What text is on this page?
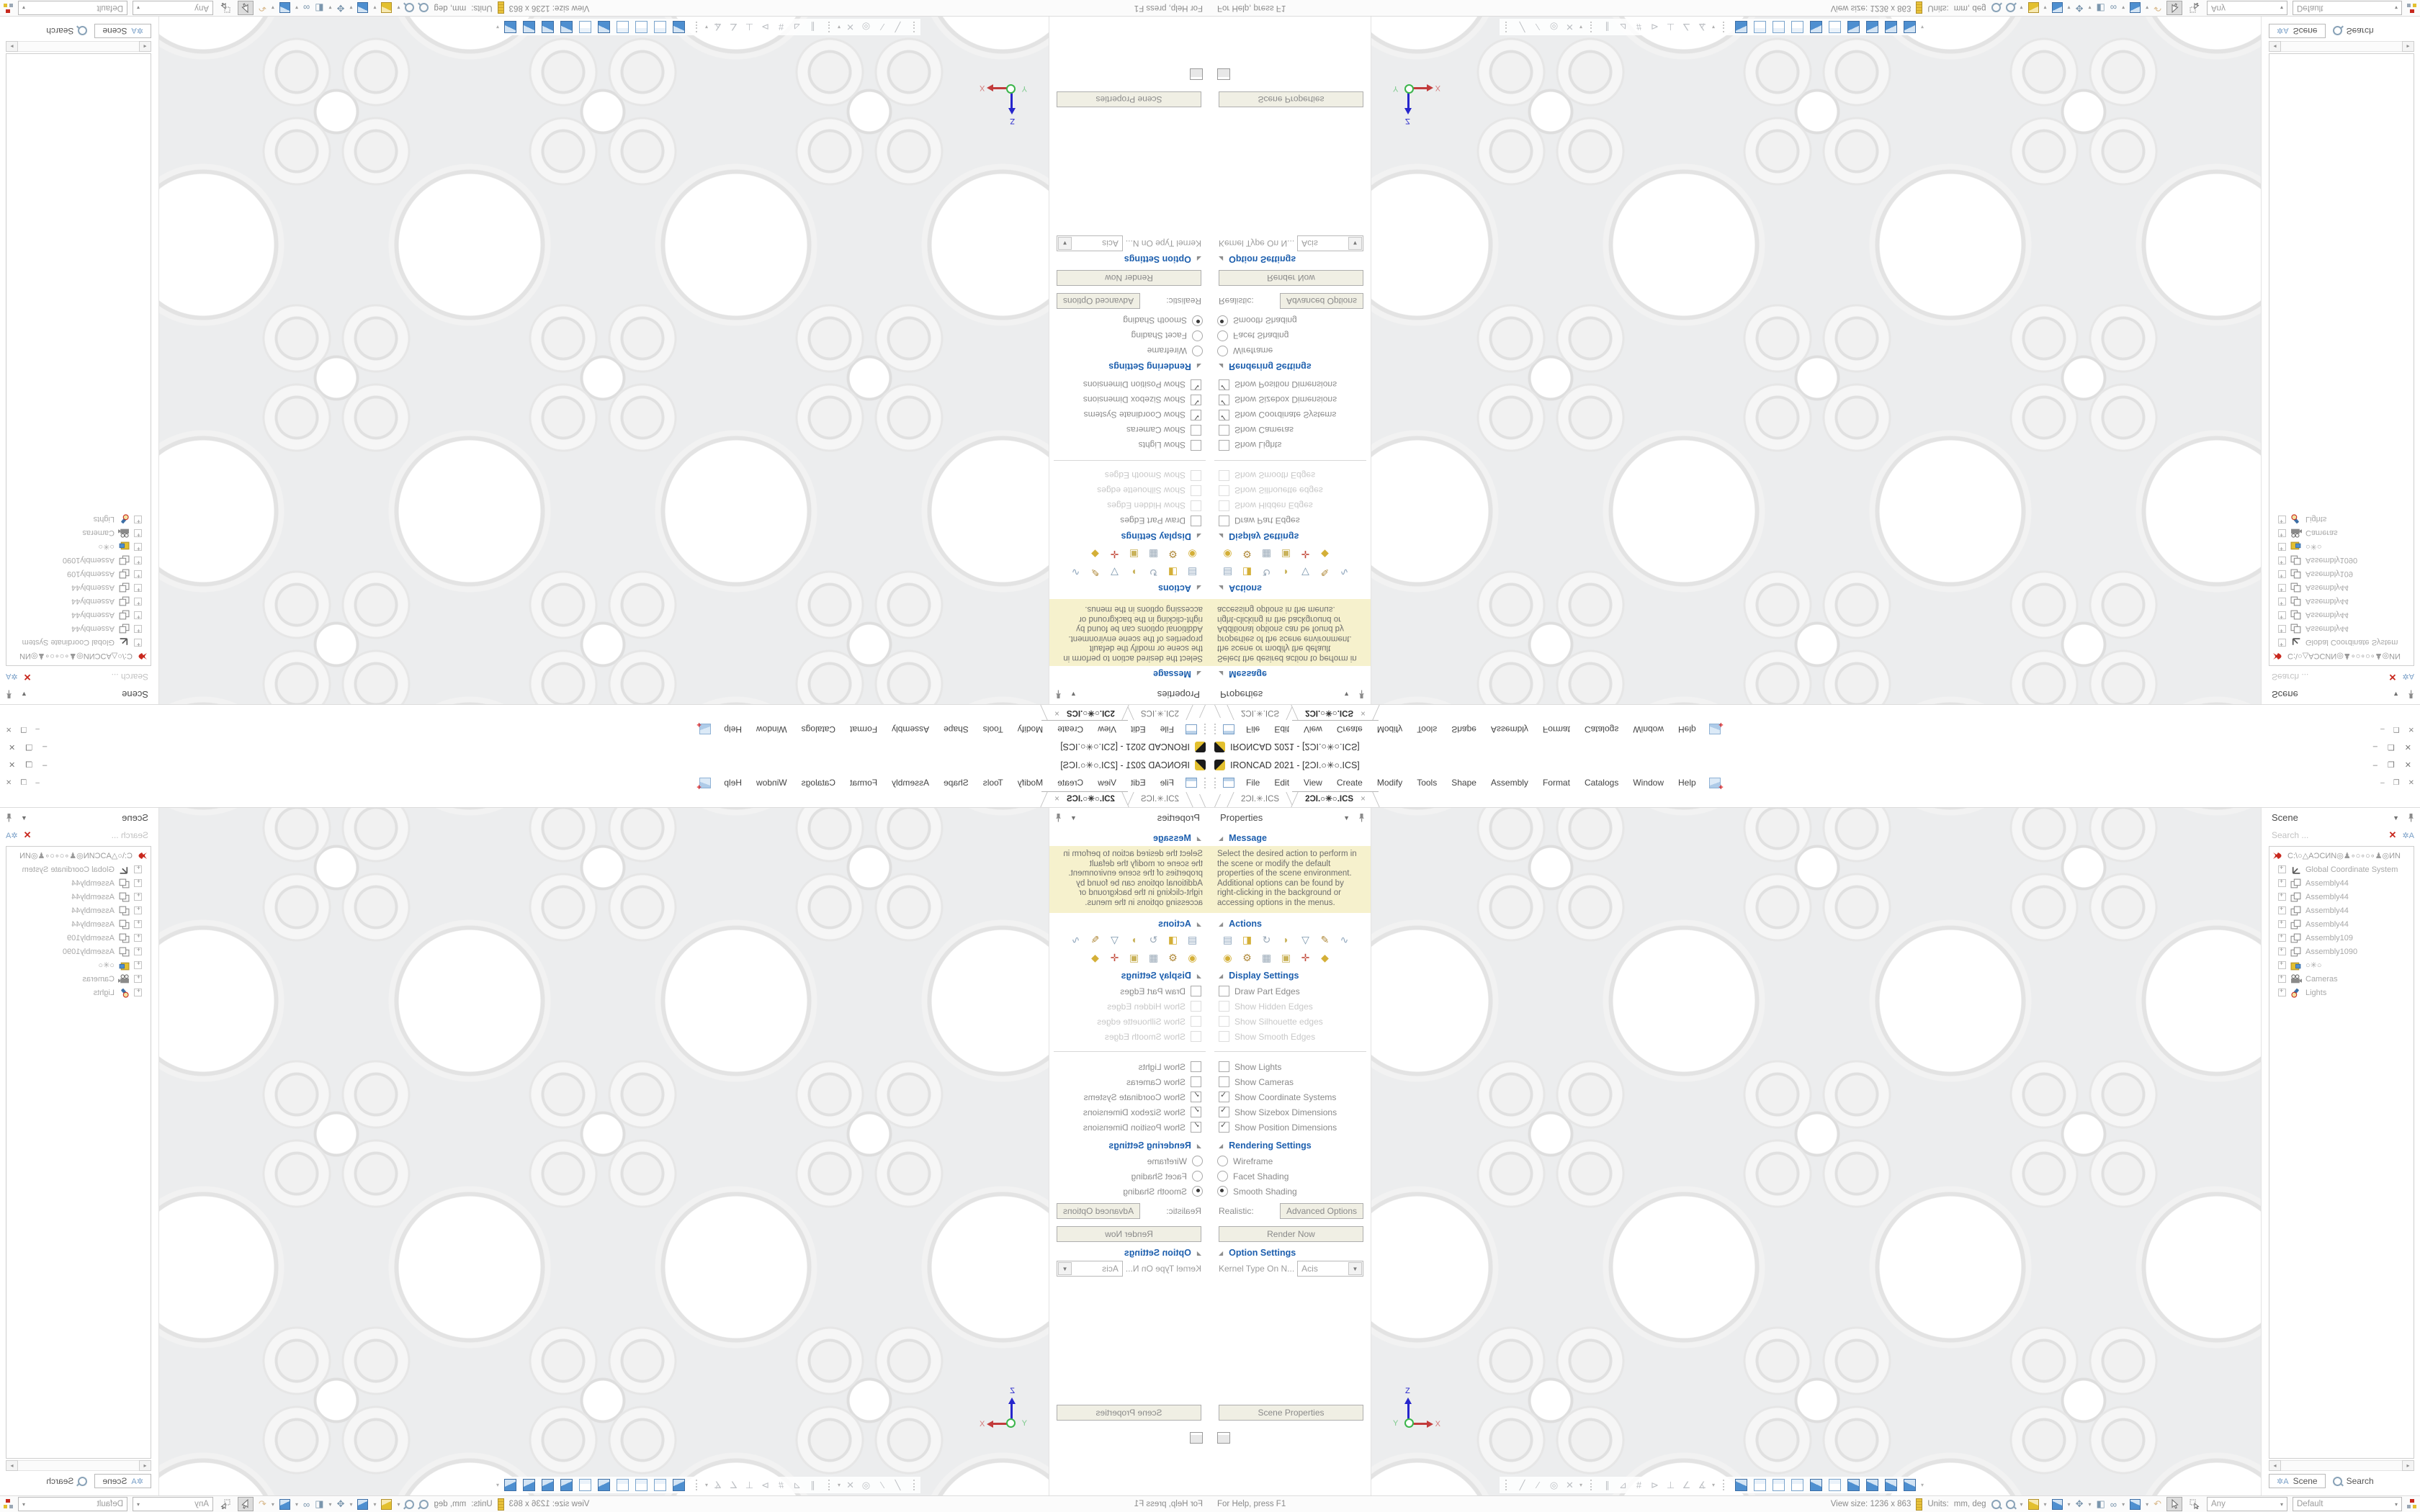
IRONCAD 2021 - [2ƆI.○✳○.ICS]
–
❐
✕
File
Edit
View
Create
Modify
Tools
Shape
Assembly
Format
Catalogs
Window
Help
+
–
❐
✕
2ƆI.✳.ICS
2ƆI.○✳○.ICS×
Properties
▼
◢
Message
Select the desired action to perform in the scene or modify the default properties of the scene environment. Additional options can be found by right-clicking in the background or accessing options in the menus.
◢
Actions
▤
◨
↻
◗
▽
✎
∿
◉
⚙
▦
▣
✛
◆
◢
Display Settings
Draw Part Edges
Show Hidden Edges
Show Silhouette edges
Show Smooth Edges
Show Lights
Show Cameras
✓
Show Coordinate Systems
✓
Show Sizebox Dimensions
✓
Show Position Dimensions
◢
Rendering Settings
Wireframe
Facet Shading
Smooth Shading
Realistic:
Advanced Options
Render Now
◢
Option Settings
Kernel Type On N...
Acis
▼
Scene Properties
Z
X	Y
╱
∕
◎
✕
▾
∥
⊿
#
⊳
⊥
∠
∡
▾
▾
Scene
▼
Search ...
✕
✲A
C:\○△AƆCИN◎♟∘○∘○∘♟◎ИN
+
Global Coordinate System
+
Assembly44
+
Assembly44
+
Assembly44
+
Assembly44
+
Assembly109
+
Assembly1090
+
○✳○
+
Cameras
+
Lights
◂
▸
✲A
Scene
Search
For Help, press F1
View size: 1236 x 863
Units:
mm, deg
▾
▾
▾
✥
▾
◧
∞
▾
▾
↶
Any
▾
Default
▾
IRONCAD 2021 - [2ƆI.○✳○.ICS]	– ❐ ✕
File	Edit	View	Create	Modify	Tools	Shape	Assembly	Format	Catalogs	Window	Help +	– ❐ ✕
2ƆI.✳.ICS	2ƆI.○✳○.ICS ×
Properties	▼
◢ Message
Select the desired action to perform in the scene or modify the default properties of the scene environment. Additional options can be found by right-clicking in the background or accessing options in the menus.
◢ Actions
▤ ◨	↻	◗	▽	✎	∿
◉	⚙	▦ ▣	✛	◆
◢ Display Settings
Draw Part Edges
Show Hidden Edges
Show Silhouette edges
Show Smooth Edges
Show Lights
Show Cameras
✓
Show Coordinate Systems
✓
Show Sizebox Dimensions
✓
Show Position Dimensions
◢ Rendering Settings
Wireframe
Facet Shading
Smooth Shading
Realistic:	Advanced Options
Render Now
◢ Option Settings
Kernel Type On N... Acis	▼
Scene Properties
Z
X
Y
╱	∕	◎ ✕	▾	∥	⊿ # ⊳ ⊥ ∠ ∡ ▾	▾
Scene	▼
Search ...	✕ ✲A
C:\○△AƆCИN◎♟∘○∘○∘♟◎ИN
+
Global Coordinate System
+
Assembly44
+
Assembly44
+
Assembly44
+
Assembly44
+
Assembly109
+
Assembly1090
+
○✳○
+
Cameras
+
Lights
◂	▸
✲A Scene	Search
For Help, press F1	View size: 1236 x 863 Units: mm, deg	▾	▾	▾ ✥ ▾ ◧ ∞ ▾	▾ ↶	Any	▾	Default	▾
IRONCAD 2021 - [2ƆI.○✳○.ICS]
–
❐
✕
File
Edit
View
Create
Modify
Tools
Shape
Assembly
Format
Catalogs
Window
Help
+
–
❐
✕
2ƆI.✳.ICS
2ƆI.○✳○.ICS×
Properties
▼
◢
Message
Select the desired action to perform in the scene or modify the default properties of the scene environment. Additional options can be found by right-clicking in the background or accessing options in the menus.
◢
Actions
▤
◨
↻
◗
▽
✎
∿
◉
⚙
▦
▣
✛
◆
◢
Display Settings
Draw Part Edges
Show Hidden Edges
Show Silhouette edges
Show Smooth Edges
Show Lights
Show Cameras
✓
Show Coordinate Systems
✓
Show Sizebox Dimensions
✓
Show Position Dimensions
◢
Rendering Settings
Wireframe
Facet Shading
Smooth Shading
Realistic:
Advanced Options
Render Now
◢
Option Settings
Kernel Type On N...
Acis
▼
Scene Properties
Z
X	Y
╱
∕
◎
✕
▾
∥
⊿
#
⊳
⊥
∠
∡
▾
▾
Scene
▼
Search ...
✕
✲A
C:\○△AƆCИN◎♟∘○∘○∘♟◎ИN
+
Global Coordinate System
+
Assembly44
+
Assembly44
+
Assembly44
+
Assembly44
+
Assembly109
+
Assembly1090
+
○✳○
+
Cameras
+
Lights
◂
▸
✲A
Scene
Search
For Help, press F1
View size: 1236 x 863
Units:
mm, deg
▾
▾
▾
✥
▾
◧
∞
▾
▾
↶
Any
▾
Default
▾
IRONCAD 2021 - [2ƆI.○✳○.ICS]	– ❐ ✕
File	Edit	View	Create	Modify	Tools	Shape	Assembly	Format	Catalogs	Window	Help +	– ❐ ✕
2ƆI.✳.ICS	2ƆI.○✳○.ICS ×
Properties	▼
◢ Message
Select the desired action to perform in the scene or modify the default properties of the scene environment. Additional options can be found by right-clicking in the background or accessing options in the menus.
◢ Actions
▤ ◨	↻	◗	▽	✎	∿
◉	⚙	▦ ▣	✛	◆
◢ Display Settings
Draw Part Edges
Show Hidden Edges
Show Silhouette edges
Show Smooth Edges
Show Lights
Show Cameras
✓
Show Coordinate Systems
✓
Show Sizebox Dimensions
✓
Show Position Dimensions
◢ Rendering Settings
Wireframe
Facet Shading
Smooth Shading
Realistic:	Advanced Options
Render Now
◢ Option Settings
Kernel Type On N... Acis	▼
Scene Properties
Z
X
Y
╱	∕	◎ ✕	▾	∥	⊿ # ⊳ ⊥ ∠ ∡ ▾	▾
Scene	▼
Search ...	✕ ✲A
C:\○△AƆCИN◎♟∘○∘○∘♟◎ИN
+
Global Coordinate System
+
Assembly44
+
Assembly44
+
Assembly44
+
Assembly44
+
Assembly109
+
Assembly1090
+
○✳○
+
Cameras
+
Lights
◂	▸
✲A Scene	Search
For Help, press F1	View size: 1236 x 863 Units: mm, deg	▾	▾	▾ ✥ ▾ ◧ ∞ ▾	▾ ↶	Any	▾	Default	▾
